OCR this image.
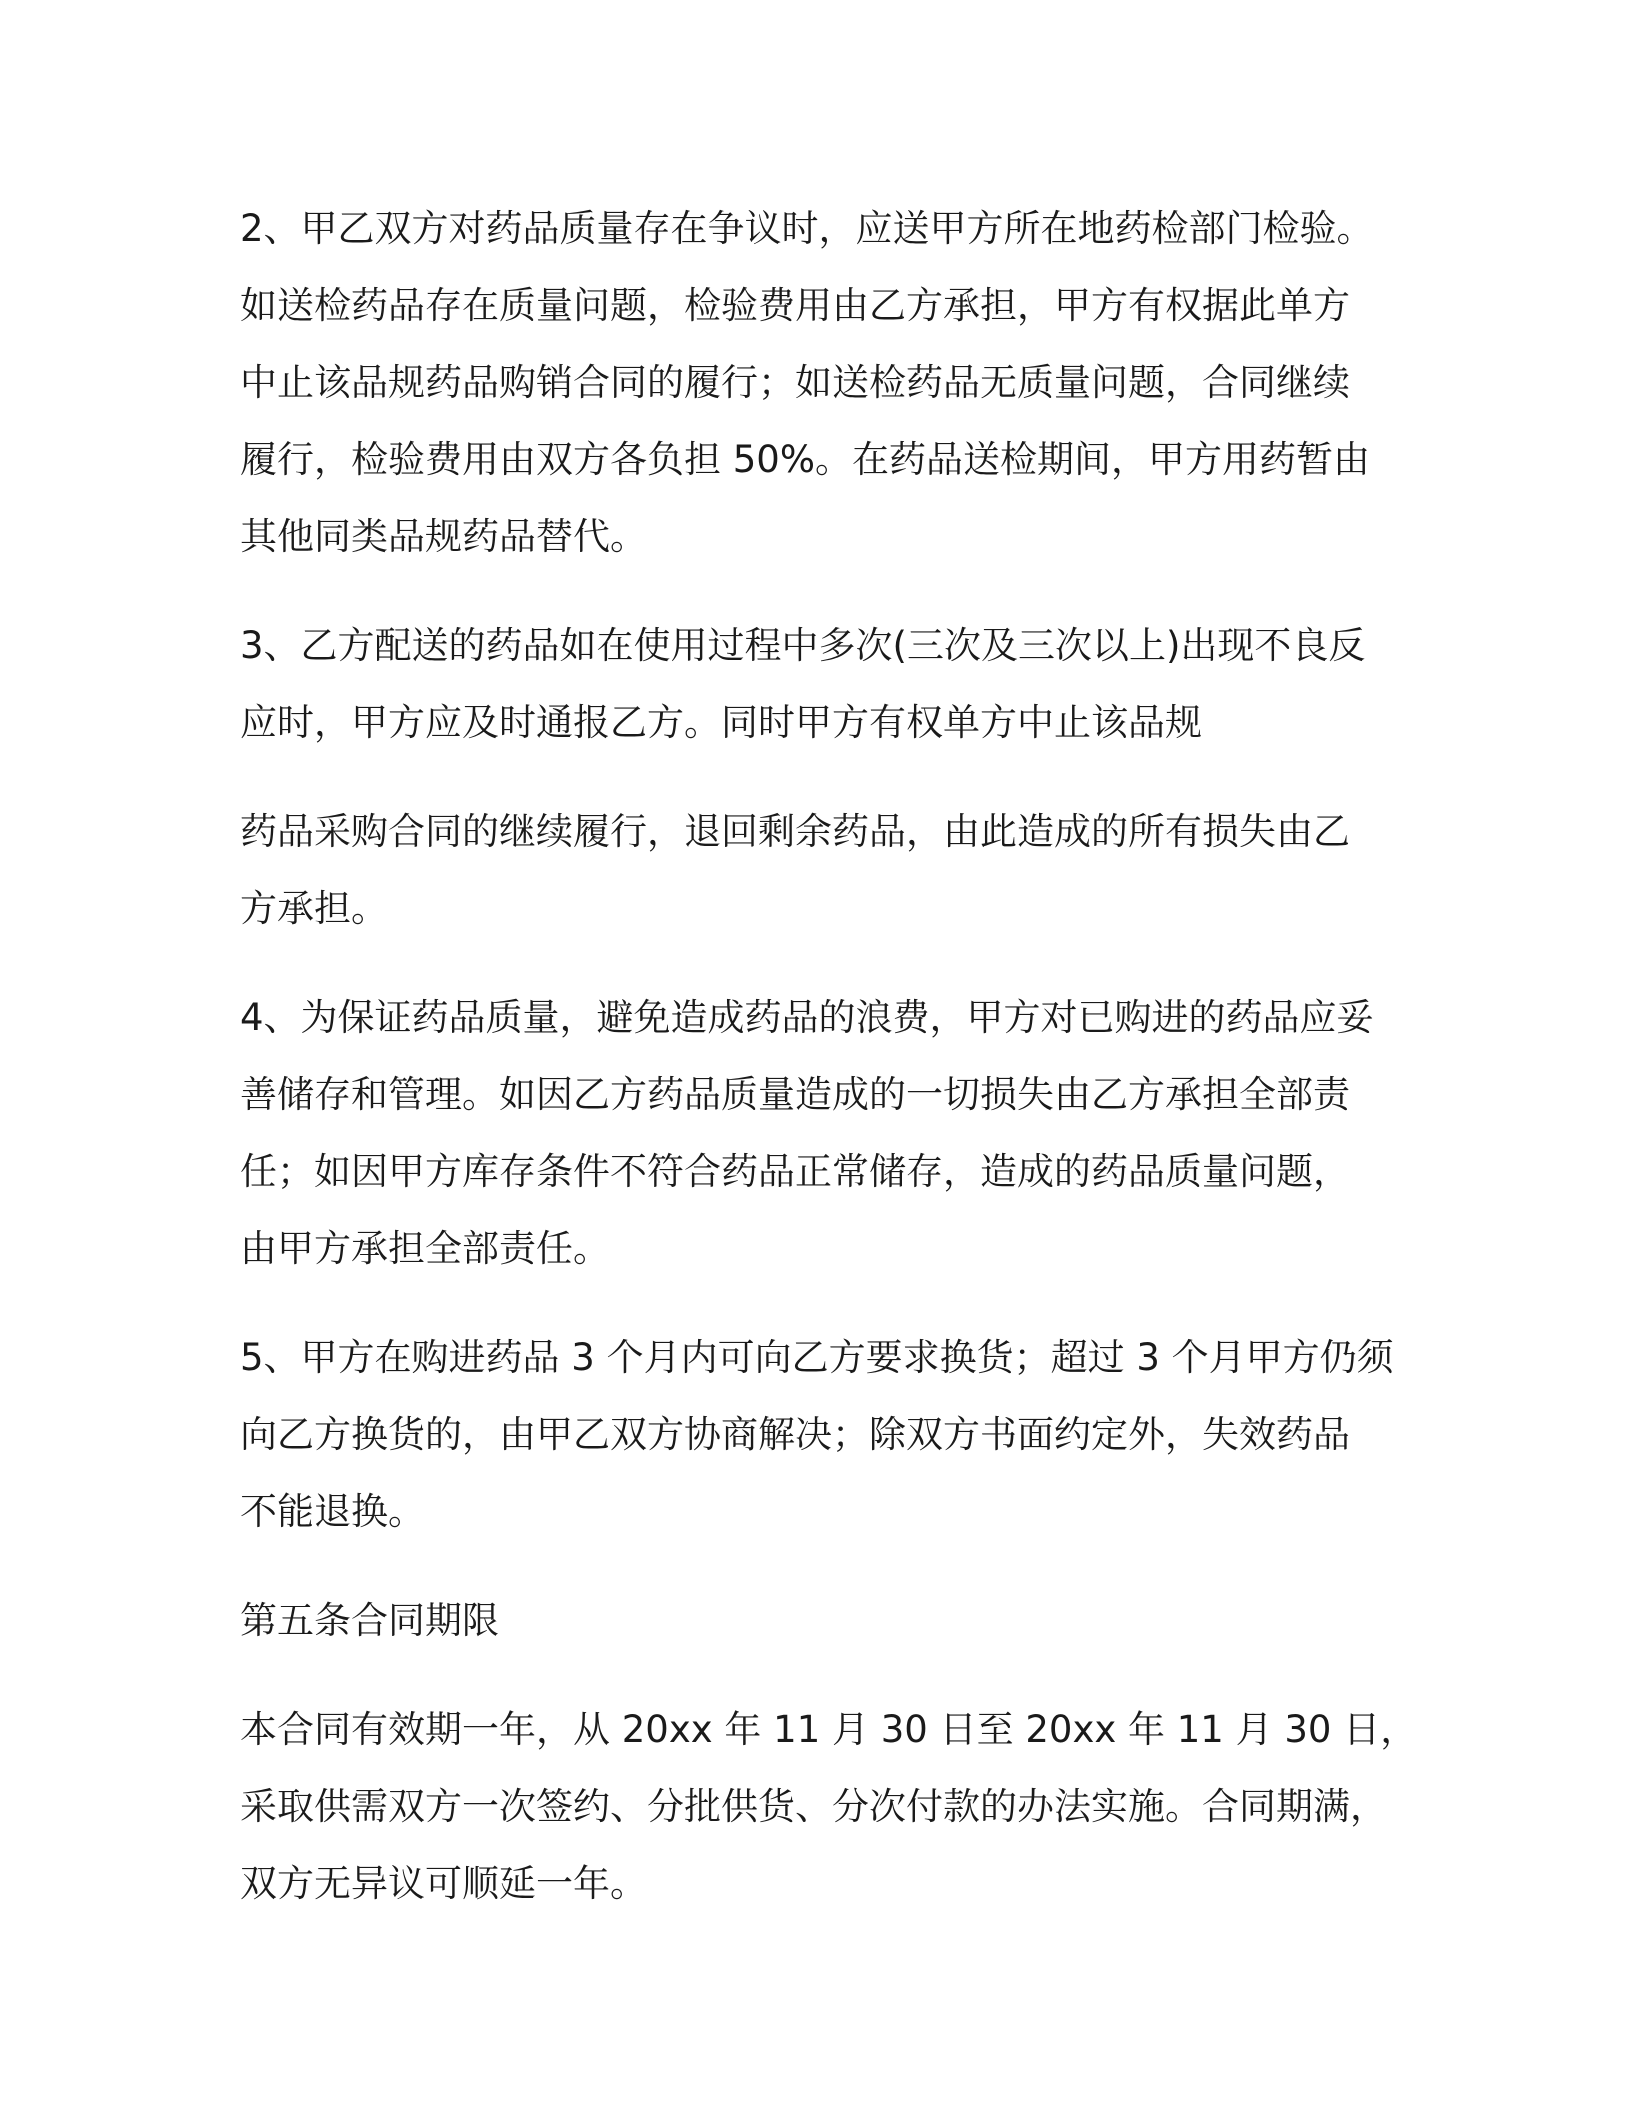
2、甲乙双方对药品质量存在争议时，应送甲方所在地药检部门检验。
如送检药品存在质量问题，检验费用由乙方承担，甲方有权据此单方
中止该品规药品购销合同的履行；如送检药品无质量问题，合同继续
履行，检验费用由双方各负担 50%。在药品送检期间，甲方用药暂由
其他同类品规药品替代。

3、乙方配送的药品如在使用过程中多次(三次及三次以上)出现不良反
应时，甲方应及时通报乙方。同时甲方有权单方中止该品规

药品采购合同的继续履行，退回剩余药品，由此造成的所有损失由乙
方承担。

4、为保证药品质量，避免造成药品的浪费，甲方对已购进的药品应妥
善储存和管理。如因乙方药品质量造成的一切损失由乙方承担全部责
任；如因甲方库存条件不符合药品正常储存，造成的药品质量问题，
由甲方承担全部责任。

5、甲方在购进药品 3 个月内可向乙方要求换货；超过 3 个月甲方仍须
向乙方换货的，由甲乙双方协商解决；除双方书面约定外，失效药品
不能退换。

第五条合同期限

本合同有效期一年，从 20xx 年 11 月 30 日至 20xx 年 11 月 30 日，
采取供需双方一次签约、分批供货、分次付款的办法实施。合同期满，
双方无异议可顺延一年。
